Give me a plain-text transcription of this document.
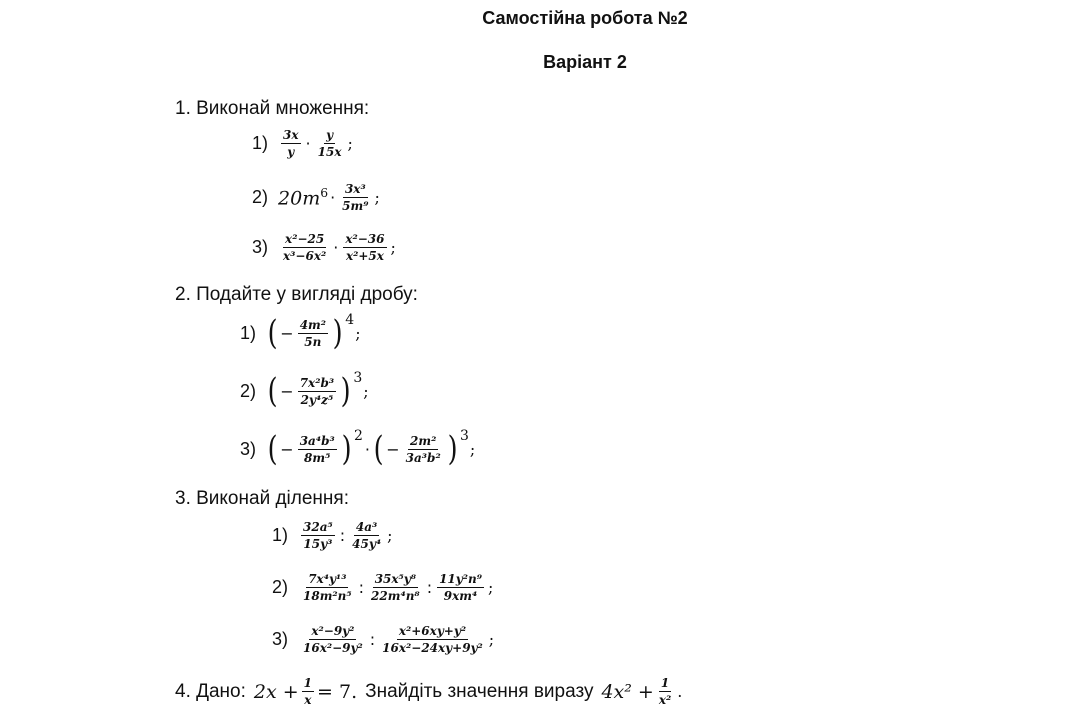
Самостійна робота №2
Варіант 2
1. Виконай множення:
$1) \frac{3x}{y} \cdot \frac{y}{15x}$ ;
2) $20m^6 \cdot \frac{\text{3x³}}{\text{5m⁹}}$ ;
$3) \frac{\text{x²−25}}{\text{x³−6x²}} \cdot \frac{\text{x²−36}}{\text{x²+5x}}$ ;
2. Подайте у вигляді дробу:
1) ( − $\frac{\text{4m²}}{5n}$ ) 4
;
2) ( − $\frac{\text{7x²b³}}{\text{2y⁴z⁵}}$ ) 3
;
3) ( − $\frac{\text{3a⁴b³}}{\text{8m⁵}}$ ) 2
· ( − $\frac{\text{2m²}}{\text{3a³b²}}$ ) 3
;
3. Виконай ділення:
$1) \frac{\text{32a⁵}}{\text{15y³}}$ : $\frac{\text{4a³}}{\text{45y⁴}}$ ;
$2) \frac{\text{7x⁴y¹³}}{\text{18m²n⁵}}$ : $\frac{\text{35x⁵y⁸}}{\text{22m⁴n⁸}}$ : $\frac{\text{11y²n⁹}}{\text{9xm⁴}}$ ;
$3) \frac{\text{x²−9y²}}{\text{16x²−9y²}}$ : $\frac{\text{x²+6xy+y²}}{\text{16x²−24xy+9y²}}$ ;
4. Дано: $2x + \frac{1}{x} = 7$. Знайдіть значення виразу $4x^2 + \frac{1}{\text{x²}}$ .
